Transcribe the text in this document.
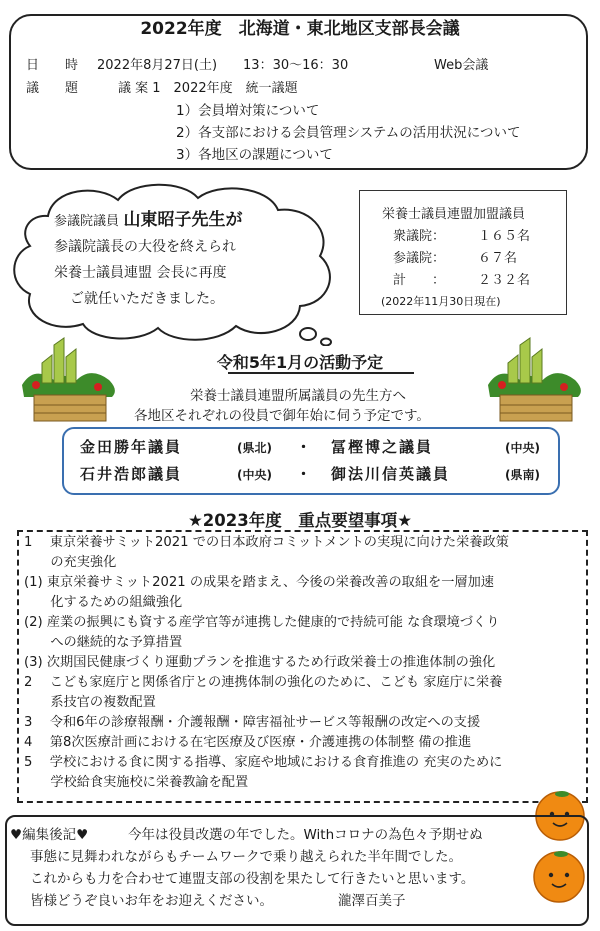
2022年度　北海道・東北地区支部長会議
日　　時 2022年8月27日(土)　　13：30〜16：30	Web会議
議　　題	議 案 1　2022年度　統一議題
1）会員増対策について
2）各支部における会員管理システムの活用状況について
3）各地区の課題について
参議院議員 山東昭子先生が
参議院議長の大役を終えられ
栄養士議員連盟 会長に再度
ご就任いただきました。
栄養士議員連盟加盟議員
衆議院：	１６５名
参議院：	６７名
計　　：	２３２名
(2022年11月30日現在)
令和5年1月の活動予定
栄養士議員連盟所属議員の先生方へ
各地区それぞれの役員で御年始に伺う予定です。
金田勝年議員	(県北) ・ 冨樫博之議員	(中央)
石井浩郎議員	(中央) ・ 御法川信英議員	(県南)
★2023年度　重点要望事項★
1　 東京栄養サミット2021 での日本政府コミットメントの実現に向けた栄養政策
　　の充実強化
(1) 東京栄養サミット2021 の成果を踏まえ、今後の栄養改善の取組を一層加速
　　化するための組織強化
(2) 産業の振興にも資する産学官等が連携した健康的で持続可能 な食環境づくり
　　への継続的な予算措置
(3) 次期国民健康づくり運動プランを推進するため行政栄養士の推進体制の強化
2　 こども家庭庁と関係省庁との連携体制の強化のために、こども 家庭庁に栄養
　　系技官の複数配置
3　 令和6年の診療報酬・介護報酬・障害福祉サービス等報酬の改定への支援
4　 第8次医療計画における在宅医療及び医療・介護連携の体制整 備の推進
5　 学校における食に関する指導、家庭や地域における食育推進の 充実のために
　　学校給食実施校に栄養教諭を配置
♥編集後記♥	今年は役員改選の年でした。Withコロナの為色々予期せぬ
事態に見舞われながらもチームワークで乗り越えられた半年間でした。
これからも力を合わせて連盟支部の役割を果たして行きたいと思います。
皆様どうぞ良いお年をお迎えください。	瀧澤百美子
